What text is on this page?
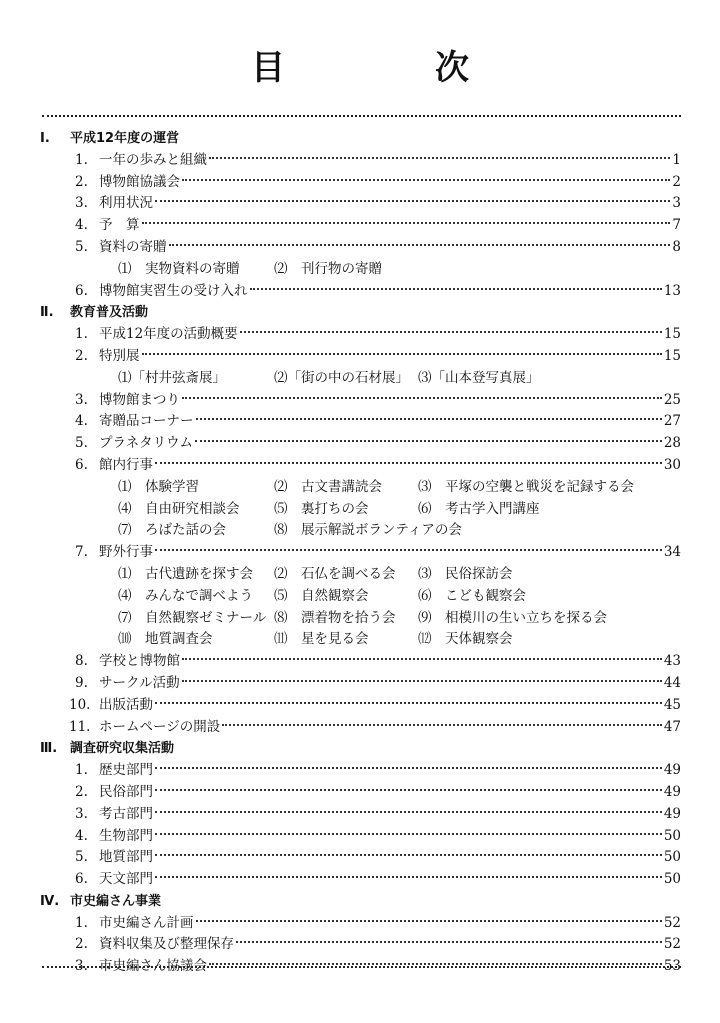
目　次
Ⅰ. 平成12年度の運営
1. 一年の歩みと組織	1
2. 博物館協議会	2
3. 利用状況	3
4. 予　算	7
5. 資料の寄贈	8
⑴　実物資料の寄贈	⑵　刊行物の寄贈
6. 博物館実習生の受け入れ	13
Ⅱ. 教育普及活動
1. 平成12年度の活動概要	15
2. 特別展	15
⑴「村井弦斎展」	⑵「街の中の石材展」 ⑶「山本登写真展」
3. 博物館まつり	25
4. 寄贈品コーナー	27
5. プラネタリウム	28
6. 館内行事	30
⑴　体験学習	⑵　古文書講読会	⑶　平塚の空襲と戦災を記録する会
⑷　自由研究相談会	⑸　裏打ちの会	⑹　考古学入門講座
⑺　ろばた話の会	⑻　展示解説ボランティアの会
7. 野外行事	34
⑴　古代遺跡を探す会 ⑵　石仏を調べる会 ⑶　民俗探訪会
⑷　みんなで調べよう ⑸　自然観察会	⑹　こども観察会
⑺　自然観察ゼミナール ⑻　漂着物を拾う会 ⑼　相模川の生い立ちを探る会
⑽　地質調査会	⑾　星を見る会	⑿　天体観察会
8. 学校と博物館	43
9. サークル活動	44
10. 出版活動	45
11. ホームページの開設	47
Ⅲ. 調査研究収集活動
1. 歴史部門	49
2. 民俗部門	49
3. 考古部門	49
4. 生物部門	50
5. 地質部門	50
6. 天文部門	50
Ⅳ. 市史編さん事業
1. 市史編さん計画	52
2. 資料収集及び整理保存	52
3. 市史編さん協議会	53
